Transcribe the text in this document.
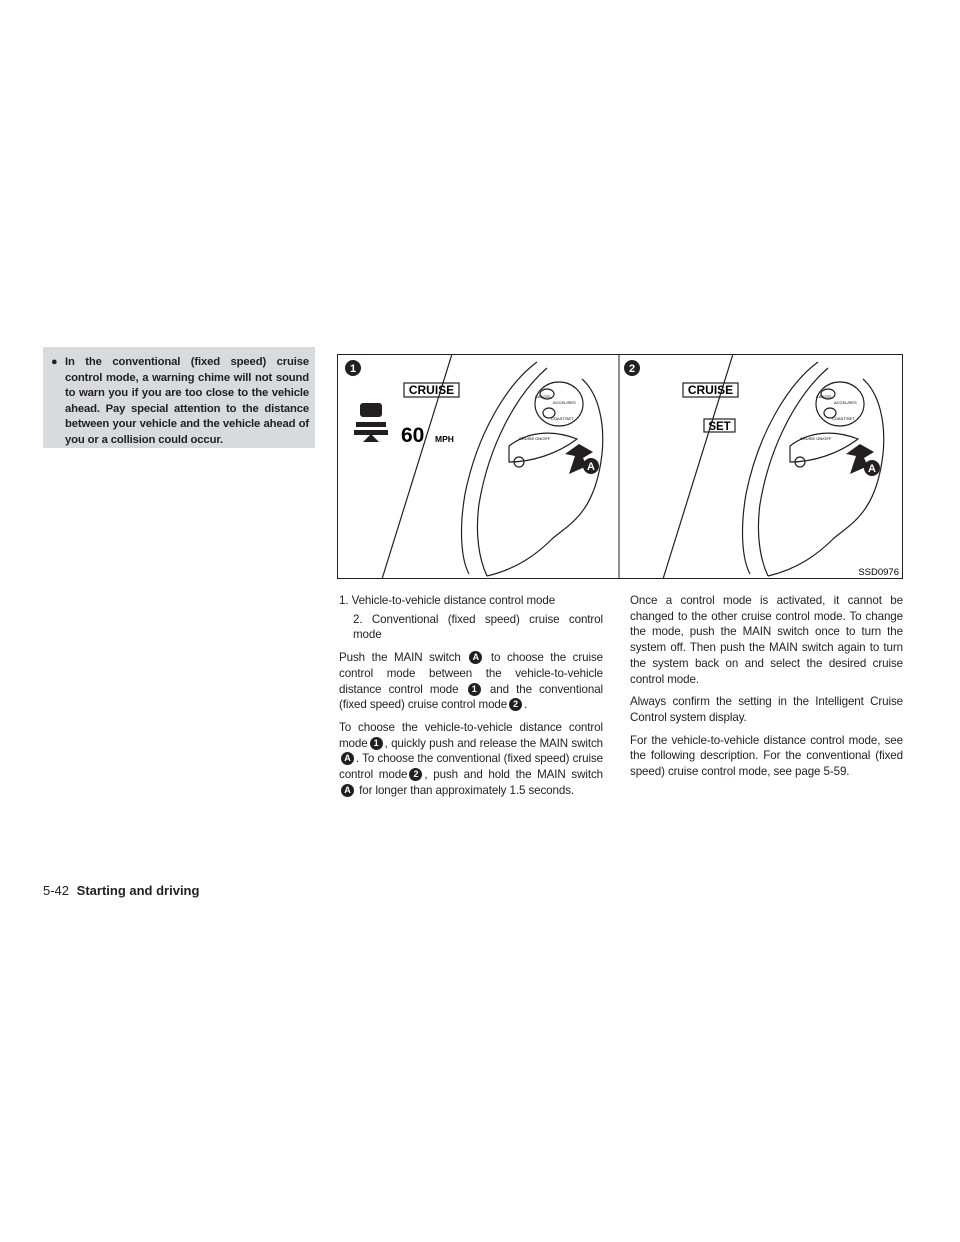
● In the conventional (fixed speed) cruise control mode, a warning chime will not sound to warn you if you are too close to the vehicle ahead. Pay special attention to the distance between your vehicle and the vehicle ahead of you or a collision could occur.

1
CRUISE
60 MPH
CANCEL
ACCEL/RES
COAST/SET
CRUISE ON/OFF
A
2
CRUISE
SET
CANCEL
ACCEL/RES
COAST/SET
CRUISE ON/OFF
A
SSD0976

1. Vehicle-to-vehicle distance control mode

2. Conventional (fixed speed) cruise control mode

Push the MAIN switch A to choose the cruise control mode between the vehicle-to-vehicle distance control mode 1 and the conventional (fixed speed) cruise control mode 2 .

To choose the vehicle-to-vehicle distance control mode 1 , quickly push and release the MAIN switch A . To choose the conventional (fixed speed) cruise control mode 2 , push and hold the MAIN switch A for longer than approximately 1.5 seconds.

Once a control mode is activated, it cannot be changed to the other cruise control mode. To change the mode, push the MAIN switch once to turn the system off. Then push the MAIN switch again to turn the system back on and select the desired cruise control mode.

Always confirm the setting in the Intelligent Cruise Control system display.

For the vehicle-to-vehicle distance control mode, see the following description. For the conventional (fixed speed) cruise control mode, see page 5-59.

5-42 Starting and driving
